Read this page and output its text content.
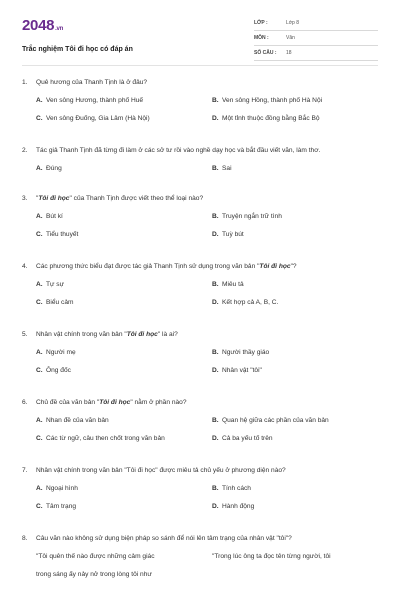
2048.vn
Trắc nghiệm Tôi đi học có đáp án
LỚP :	Lớp 8
MÔN :	Văn
SỐ CÂU : 18
1. Quê hương của Thanh Tịnh là ở đâu?
A. Ven sông Hương, thành phố Huế	B. Ven sông Hồng, thành phố Hà Nội
C. Ven sông Đuống, Gia Lâm (Hà Nội)	D. Một tỉnh thuộc đồng bằng Bắc Bộ
2. Tác giả Thanh Tịnh đã từng đi làm ở các sở tư rồi vào nghề dạy học và bắt đầu viết văn, làm thơ.
A. Đúng	B. Sai
3. "Tôi đi học" của Thanh Tịnh được viết theo thể loại nào?
A. Bút kí	B. Truyện ngắn trữ tình
C. Tiểu thuyết	D. Tuỳ bút
4. Các phương thức biểu đạt được tác giả Thanh Tịnh sử dụng trong văn bản "Tôi đi học"?
A. Tự sự	B. Miêu tả
C. Biểu cảm	D. Kết hợp cả A, B, C.
5. Nhân vật chính trong văn bản "Tôi đi học" là ai?
A. Người mẹ	B. Người thầy giáo
C. Ông đốc	D. Nhân vật "tôi"
6. Chủ đề của văn bản "Tôi đi học" nằm ở phần nào?
A. Nhan đề của văn bản	B. Quan hệ giữa các phần của văn bản
C. Các từ ngữ, câu then chốt trong văn bản	D. Cả ba yếu tố trên
7. Nhân vật chính trong văn bản "Tôi đi học" được miêu tả chủ yếu ở phương diện nào?
A. Ngoại hình	B. Tính cách
C. Tâm trạng	D. Hành động
8. Câu văn nào không sử dụng biện pháp so sánh để nói lên tâm trạng của nhân vật "tôi"?
"Tôi quên thế nào được những cảm giác	"Trong lúc ông ta đọc tên từng người, tôi
trong sáng ấy nảy nở trong lòng tôi như
